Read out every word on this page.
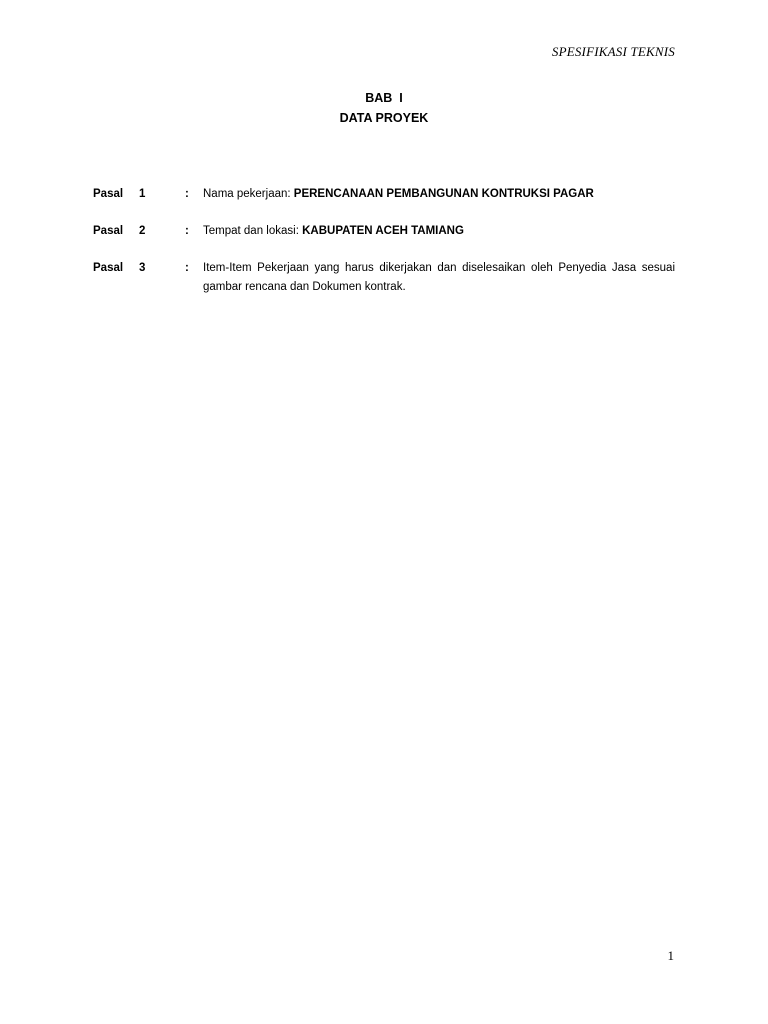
SPESIFIKASI TEKNIS
BAB  I
DATA PROYEK
Pasal 1	: Nama pekerjaan: PERENCANAAN PEMBANGUNAN KONTRUKSI PAGAR
Pasal 2	: Tempat dan lokasi: KABUPATEN ACEH TAMIANG
Pasal 3	: Item-Item Pekerjaan yang harus dikerjakan dan diselesaikan oleh Penyedia Jasa sesuai gambar rencana dan Dokumen kontrak.
1
